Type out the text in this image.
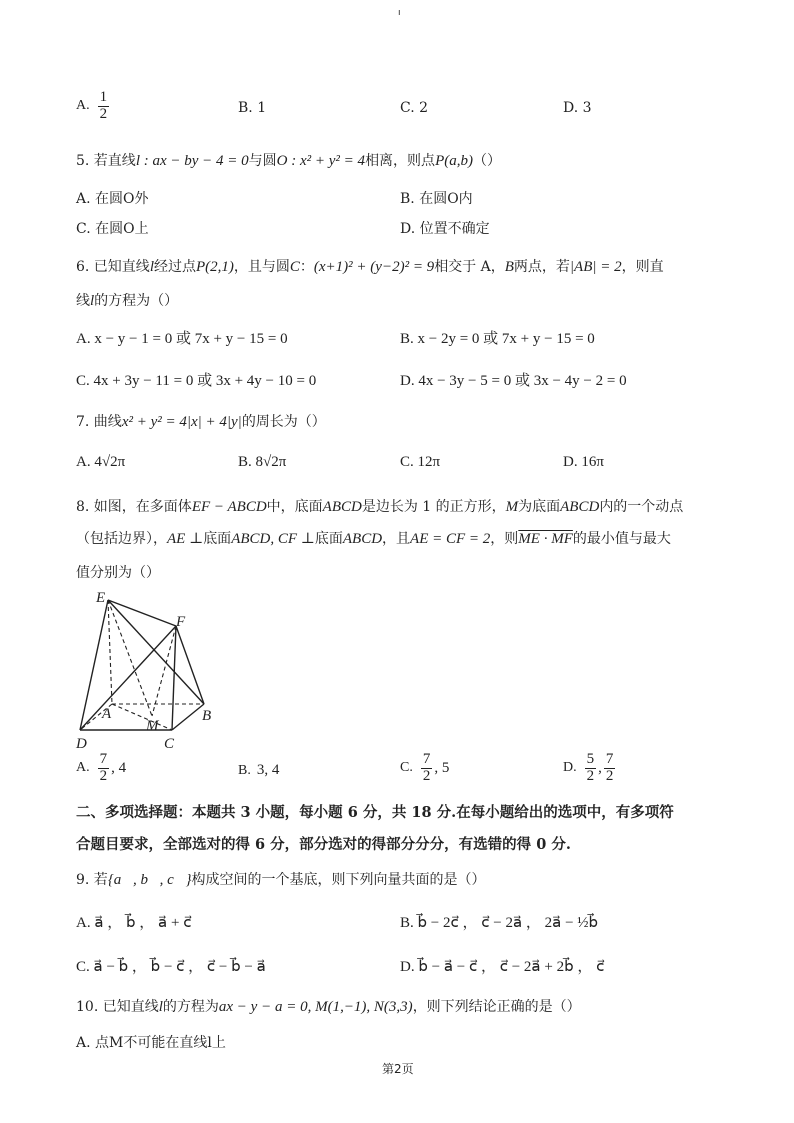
ı
A. $\frac{1}{2}$	B. 1	C. 2	D. 3
5. 若直线l : ax − by − 4 = 0与圆O : x² + y² = 4相离，则点P(a,b)（）
A. 在圆O外	B. 在圆O内
C. 在圆O上	D. 位置不确定
6. 已知直线l经过点P(2,1)，且与圆C：(x+1)² + (y−2)² = 9相交于 A，B两点，若|AB| = 2，则直
线l的方程为（）
A. x − y − 1 = 0 或 7x + y − 15 = 0	B. x − 2y = 0 或 7x + y − 15 = 0
C. 4x + 3y − 11 = 0 或 3x + 4y − 10 = 0	D. 4x − 3y − 5 = 0 或 3x − 4y − 2 = 0
7. 曲线x² + y² = 4|x| + 4|y|的周长为（）
A. 4√2π	B. 8√2π	C. 12π	D. 16π
8. 如图，在多面体EF − ABCD中，底面ABCD是边长为 1 的正方形，M为底面ABCD内的一个动点
（包括边界），AE ⊥底面ABCD, CF ⊥底面ABCD，且AE = CF = 2，则ME · MF的最小值与最大
值分别为（）
E
F
A
M
B
D	C
A. $\frac{7}{2}$ , 4	B. 3, 4	C. $\frac{7}{2}$ , 5	D. $\frac{5}{2}$ , $\frac{7}{2}$
二、多项选择题：本题共 3 小题，每小题 6 分，共 18 分.在每小题给出的选项中，有多项符
合题目要求，全部选对的得 6 分，部分选对的得部分分分，有选错的得 0 分.
9. 若{a⃗, b⃗, c⃗}构成空间的一个基底，则下列向量共面的是（）
A. a⃗ ， b⃗ ， a⃗ + c⃗	B. b⃗ − 2c⃗ ， c⃗ − 2a⃗ ， 2a⃗ − ½b⃗
C. a⃗ − b⃗ ， b⃗ − c⃗ ， c⃗ − b⃗ − a⃗	D. b⃗ − a⃗ − c⃗ ， c⃗ − 2a⃗ + 2b⃗ ， c⃗
10. 已知直线l的方程为ax − y − a = 0, M(1,−1), N(3,3)，则下列结论正确的是（）
A. 点M不可能在直线l上
第2页
